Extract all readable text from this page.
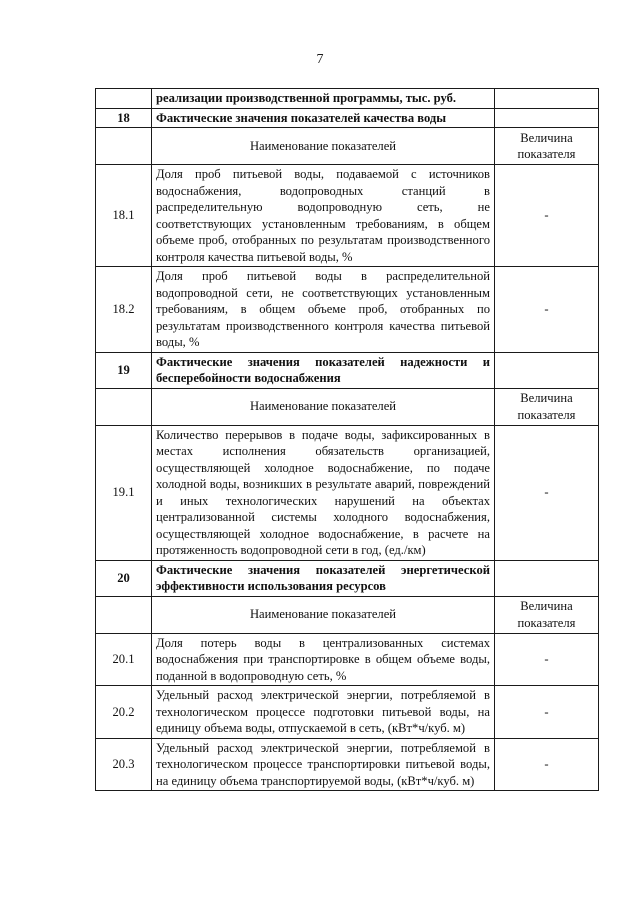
7
	реализации производственной программы, тыс. руб.	
18	Фактические значения показателей качества воды	
	Наименование показателей	Величина показателя
18.1	Доля проб питьевой воды, подаваемой с источников водоснабжения, водопроводных станций в распределительную водопроводную сеть, не соответствующих установленным требованиям, в общем объеме проб, отобранных по результатам производственного контроля качества питьевой воды, %	-
18.2	Доля проб питьевой воды в распределительной водопроводной сети, не соответствующих установленным требованиям, в общем объеме проб, отобранных по результатам производственного контроля качества питьевой воды, %	-
19	Фактические значения показателей надежности и бесперебойности водоснабжения	
	Наименование показателей	Величина показателя
19.1	Количество перерывов в подаче воды, зафиксированных в местах исполнения обязательств организацией, осуществляющей холодное водоснабжение, по подаче холодной воды, возникших в результате аварий, повреждений и иных технологических нарушений на объектах централизованной системы холодного водоснабжения, осуществляющей холодное водоснабжение, в расчете на протяженность водопроводной сети в год, (ед./км)	-
20	Фактические значения показателей энергетической эффективности использования ресурсов	
	Наименование показателей	Величина показателя
20.1	Доля потерь воды в централизованных системах водоснабжения при транспортировке в общем объеме воды, поданной в водопроводную сеть, %	-
20.2	Удельный расход электрической энергии, потребляемой в технологическом процессе подготовки питьевой воды, на единицу объема воды, отпускаемой в сеть, (кВт*ч/куб. м)	-
20.3	Удельный расход электрической энергии, потребляемой в технологическом процессе транспортировки питьевой воды, на единицу объема транспортируемой воды, (кВт*ч/куб. м)	-
